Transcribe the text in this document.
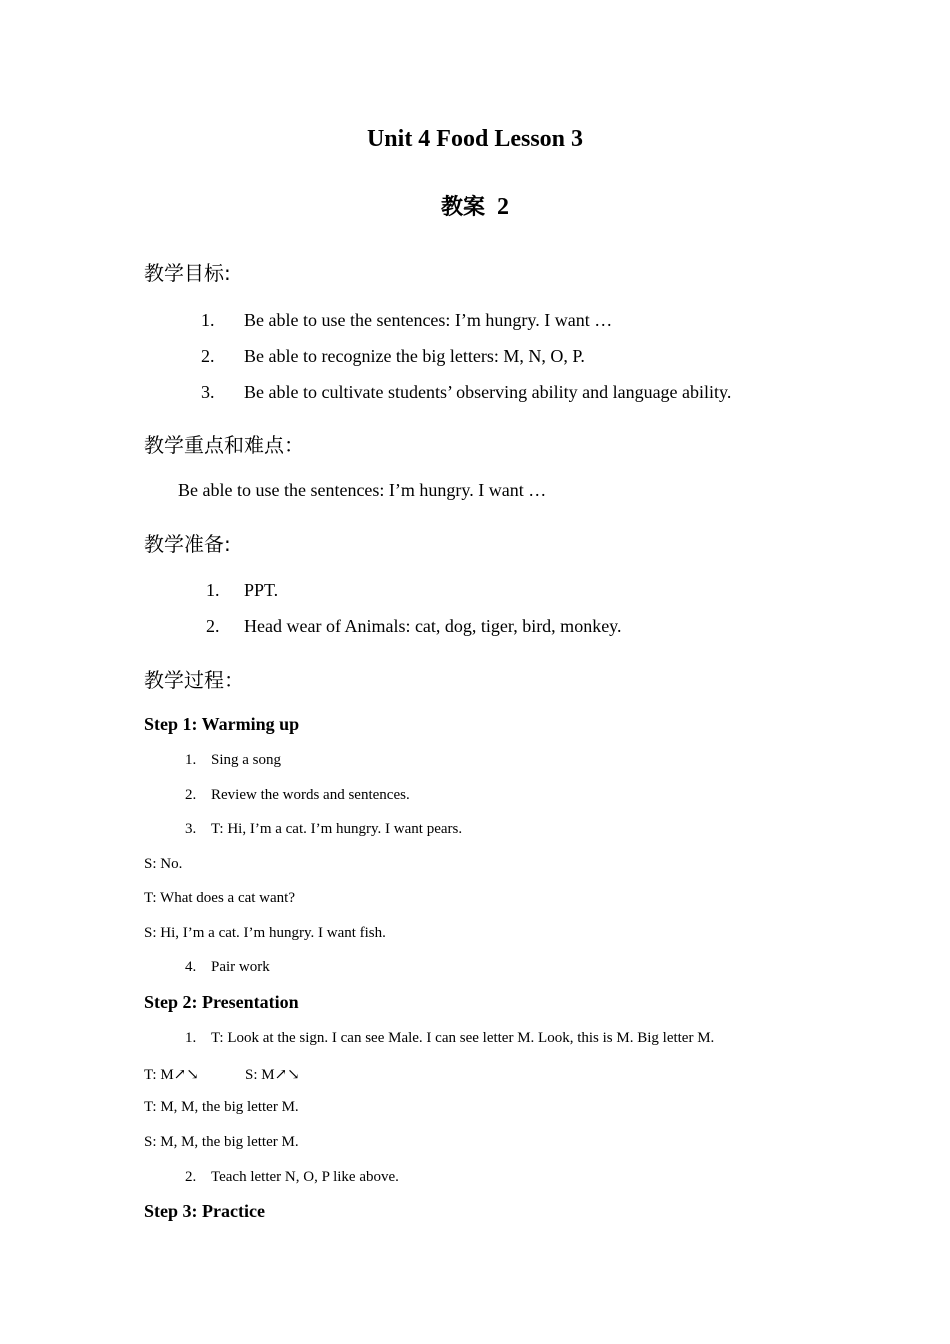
Unit 4 Food Lesson 3
教案 2
教学目标:
1. Be able to use the sentences: I’m hungry. I want …
2. Be able to recognize the big letters: M, N, O, P.
3. Be able to cultivate students’ observing ability and language ability.
教学重点和难点：
Be able to use the sentences: I’m hungry. I want …
教学准备:
1. PPT.
2. Head wear of Animals: cat, dog, tiger, bird, monkey.
教学过程：
Step 1: Warming up
1. Sing a song
2. Review the words and sentences.
3. T: Hi, I’m a cat. I’m hungry. I want pears.
S: No.
T: What does a cat want?
S: Hi, I’m a cat. I’m hungry. I want fish.
4. Pair work
Step 2: Presentation
1. T: Look at the sign. I can see Male. I can see letter M. Look, this is M. Big letter M.
T: M↗↘	S: M↗↘
T: M, M, the big letter M.
S: M, M, the big letter M.
2. Teach letter N, O, P like above.
Step 3: Practice
